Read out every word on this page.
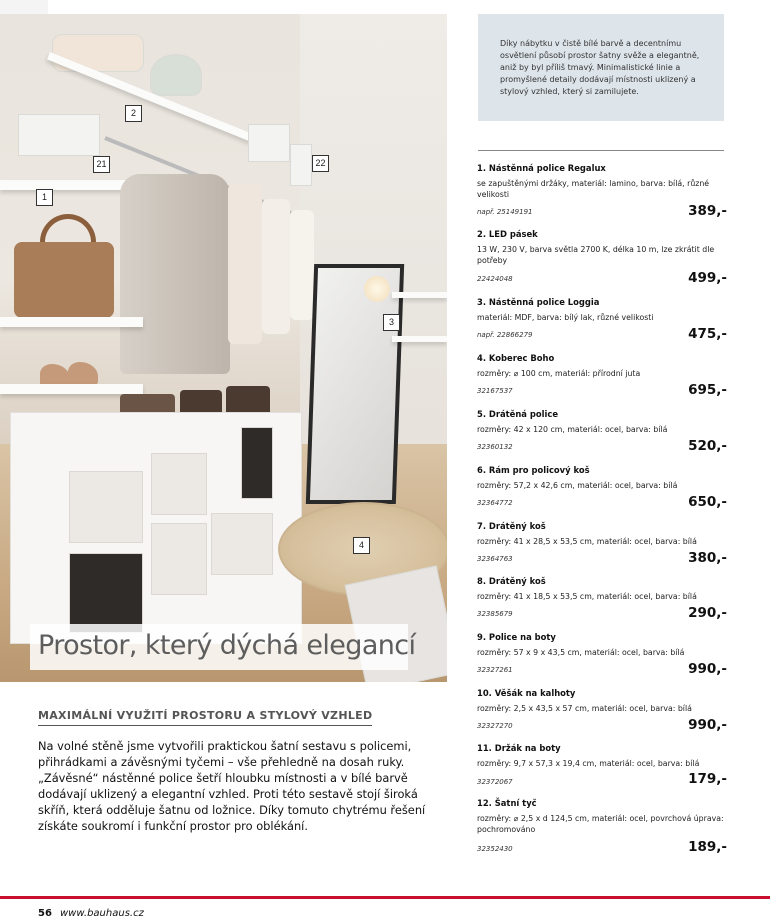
1
2
21	22
3
4
Prostor, který dýchá elegancí
Díky nábytku v čistě bílé barvě a decentnímu osvětlení působí prostor šatny svěže a elegantně, aniž by byl příliš tmavý. Minimalistické linie a promyšlené detaily dodávají místnosti uklizený a stylový vzhled, který si zamilujete.
1. Nástěnná police Regalux
se zapuštěnými držáky, materiál: lamino, barva: bílá, různé velikosti
např. 25149191	389,-
2. LED pásek
13 W, 230 V, barva světla 2700 K, délka 10 m, lze zkrátit dle potřeby
22424048	499,-
3. Nástěnná police Loggia
materiál: MDF, barva: bílý lak, různé velikosti
např. 22866279	475,-
4. Koberec Boho
rozměry: ⌀ 100 cm, materiál: přírodní juta
32167537	695,-
5. Drátěná police
rozměry: 42 x 120 cm, materiál: ocel, barva: bílá
32360132	520,-
6. Rám pro policový koš
rozměry: 57,2 x 42,6 cm, materiál: ocel, barva: bílá
32364772	650,-
7. Drátěný koš
rozměry: 41 x 28,5 x 53,5 cm, materiál: ocel, barva: bílá
32364763	380,-
8. Drátěný koš
rozměry: 41 x 18,5 x 53,5 cm, materiál: ocel, barva: bílá
32385679	290,-
9. Police na boty
rozměry: 57 x 9 x 43,5 cm, materiál: ocel, barva: bílá
32327261	990,-
10. Věšák na kalhoty
rozměry: 2,5 x 43,5 x 57 cm, materiál: ocel, barva: bílá
32327270	990,-
11. Držák na boty
rozměry: 9,7 x 57,3 x 19,4 cm, materiál: ocel, barva: bílá
32372067	179,-
12. Šatní tyč
rozměry: ⌀ 2,5 x d 124,5 cm, materiál: ocel, povrchová úprava: pochromováno
32352430	189,-
MAXIMÁLNÍ VYUŽITÍ PROSTORU A STYLOVÝ VZHLED
Na volné stěně jsme vytvořili praktickou šatní sestavu s policemi, přihrádkami a závěsnými tyčemi – vše přehledně na dosah ruky. „Závěsné“ nástěnné police šetří hloubku místnosti a v bílé barvě dodávají uklizený a elegantní vzhled. Proti této sestavě stojí široká skříň, která odděluje šatnu od ložnice. Díky tomuto chytrému řešení získáte soukromí i funkční prostor pro oblékání.
56 www.bauhaus.cz
